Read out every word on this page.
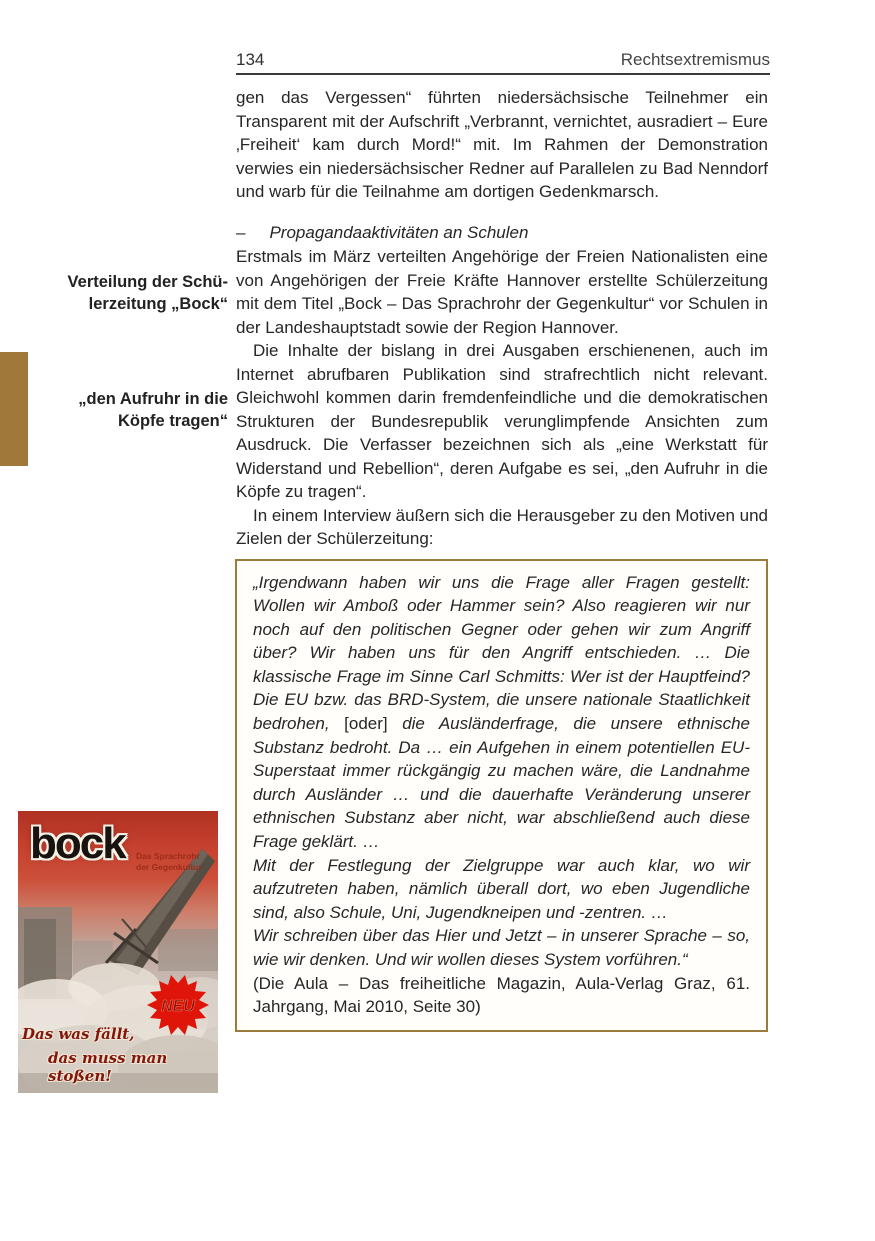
134	Rechtsextremismus
Verteilung der Schü-
lerzeitung „Bock“
„den Aufruhr in die
Köpfe tragen“
bock Das Sprachrohr
der Gegenkultur
NEU
Das was fällt,
das muss man stoßen!

gen das Vergessen“ führten niedersächsische Teilnehmer ein Transparent mit der Aufschrift „Verbrannt, vernichtet, ausradiert – Eure ‚Freiheit‘ kam durch Mord!“ mit. Im Rahmen der Demonstration verwies ein niedersächsischer Redner auf Parallelen zu Bad Nenndorf und warb für die Teilnahme am dortigen Gedenkmarsch.

– Propagandaaktivitäten an Schulen

Erstmals im März verteilten Angehörige der Freien Nationalisten eine von Angehörigen der Freie Kräfte Hannover erstellte Schülerzeitung mit dem Titel „Bock – Das Sprachrohr der Gegenkultur“ vor Schulen in der Landeshauptstadt sowie der Region Hannover.

Die Inhalte der bislang in drei Ausgaben erschienenen, auch im Internet abrufbaren Publikation sind strafrechtlich nicht relevant. Gleichwohl kommen darin fremdenfeindliche und die demokratischen Strukturen der Bundesrepublik verunglimpfende Ansichten zum Ausdruck. Die Verfasser bezeichnen sich als „eine Werkstatt für Widerstand und Rebellion“, deren Aufgabe es sei, „den Aufruhr in die Köpfe zu tragen“.

In einem Interview äußern sich die Herausgeber zu den Motiven und Zielen der Schülerzeitung:

„Irgendwann haben wir uns die Frage aller Fragen gestellt: Wollen wir Amboß oder Hammer sein? Also reagieren wir nur noch auf den politischen Gegner oder gehen wir zum Angriff über? Wir haben uns für den Angriff entschieden. … Die klassische Frage im Sinne Carl Schmitts: Wer ist der Hauptfeind? Die EU bzw. das BRD-System, die unsere nationale Staatlichkeit bedrohen, [oder] die Ausländerfrage, die unsere ethnische Substanz bedroht. Da … ein Aufgehen in einem potentiellen EU-Superstaat immer rückgängig zu machen wäre, die Landnahme durch Ausländer … und die dauerhafte Veränderung unserer ethnischen Substanz aber nicht, war abschließend auch diese Frage geklärt. …

Mit der Festlegung der Zielgruppe war auch klar, wo wir aufzutreten haben, nämlich überall dort, wo eben Jugendliche sind, also Schule, Uni, Jugendkneipen und -zentren. …

Wir schreiben über das Hier und Jetzt – in unserer Sprache – so, wie wir denken. Und wir wollen dieses System vorführen.“

(Die Aula – Das freiheitliche Magazin, Aula-Verlag Graz, 61. Jahrgang, Mai 2010, Seite 30)
